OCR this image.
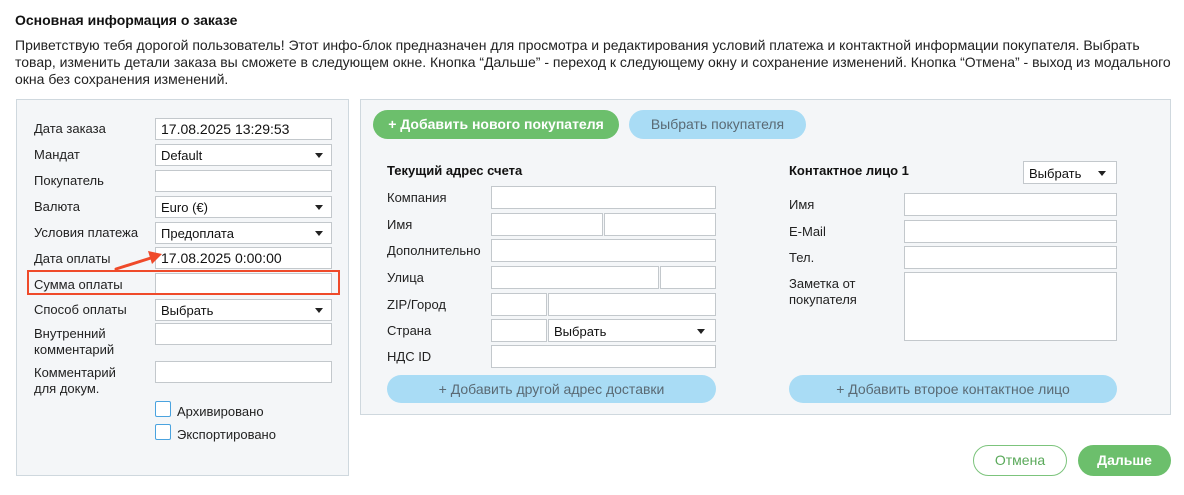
Основная информация о заказе
Приветствую тебя дорогой пользователь! Этот инфо-блок предназначен для просмотра и редактирования условий платежа и контактной информации покупателя. Выбрать товар, изменить детали заказа вы сможете в следующем окне. Кнопка “Дальше” - переход к следующему окну и сохранение изменений. Кнопка “Отмена” - выход из модального окна без сохранения изменений.
Дата заказа	17.08.2025 13:29:53
Мандат	Default
Покупатель
Валюта	Euro (€)
Условия платежа	Предоплата
Дата оплаты	17.08.2025 0:00:00
Сумма оплаты
Способ оплаты	Выбрать
Внутренний
комментарий
Комментарий
для докум.
Архивировано
Экспортировано
+ Добавить нового покупателя	Выбрать покупателя
Текущий адрес счета
Компания
Имя
Дополнительно
Улица
ZIP/Город
Страна	Выбрать
НДС ID
+ Добавить другой адрес доставки
Контактное лицо 1	Выбрать
Имя
E-Mail
Тел.
Заметка от
покупателя
+ Добавить второе контактное лицо
Отмена	Дальше
